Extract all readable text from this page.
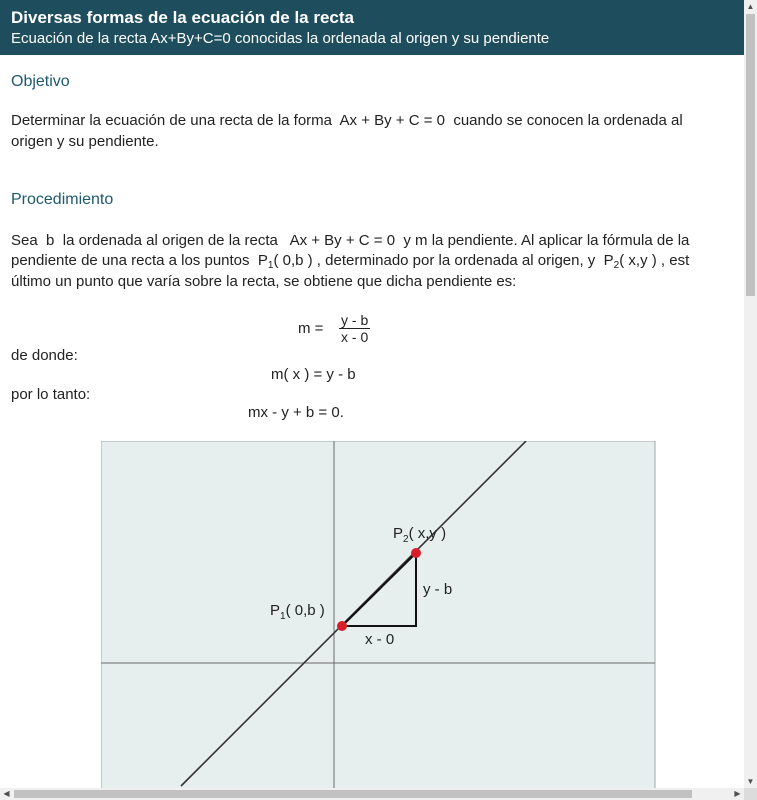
Diversas formas de la ecuación de la recta
Ecuación de la recta Ax+By+C=0 conocidas la ordenada al origen y su pendiente
Objetivo
Determinar la ecuación de una recta de la forma Ax + By + C = 0 cuando se conocen la ordenada al
origen y su pendiente.
Procedimiento
Sea b la ordenada al origen de la recta Ax + By + C = 0 y m la pendiente. Al aplicar la fórmula de la
pendiente de una recta a los puntos $P_1$( 0,b ) , determinado por la ordenada al origen, y $P_2$( x,y ) , est
último un punto que varía sobre la recta, se obtiene que dicha pendiente es:
$m = \frac{y - b}{x - 0}$
de donde:
m( x ) = y - b
por lo tanto:
mx - y + b = 0.
$P_2$( x,y )
$P_1$( 0,b )
y - b
x - 0
▲
▼
◀	▶
